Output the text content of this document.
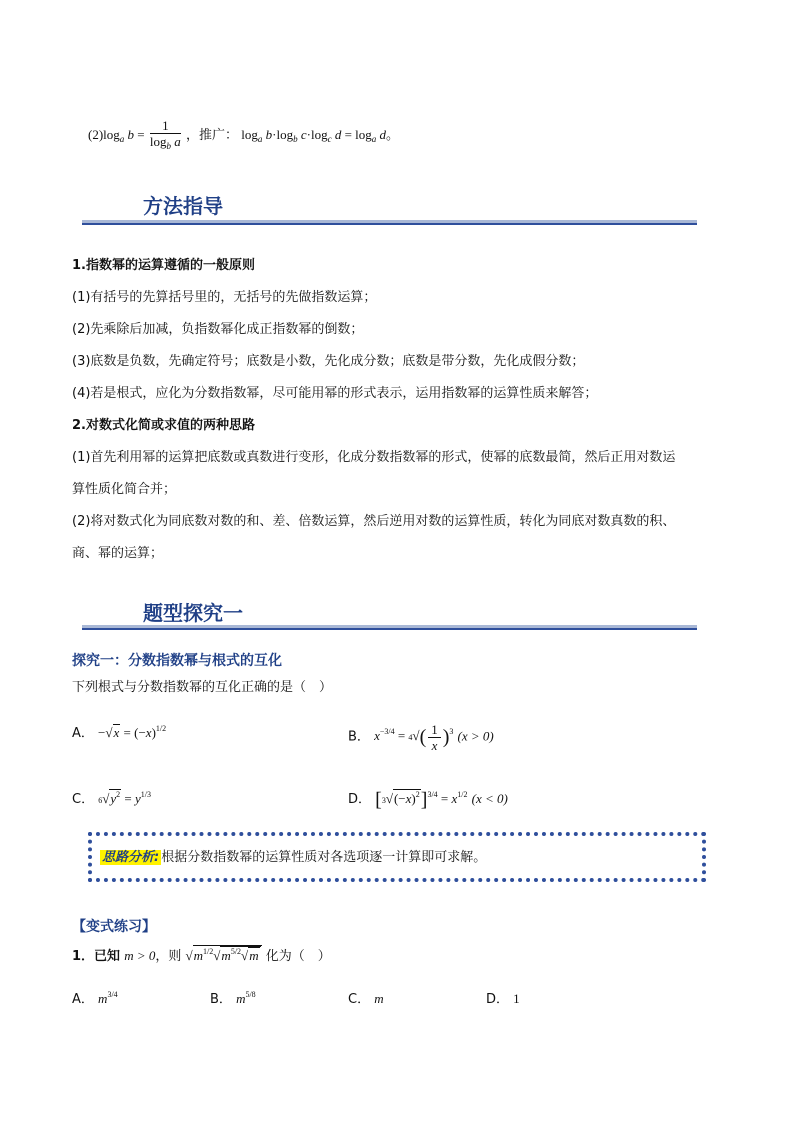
$(2)\log_a$ $b = \frac{1}{\log_b a}$ ，推广： $\log_a b\cdot\log_b$ $c\cdot\log_c$ $d = \log_a d$。
方法指导
1.指数幂的运算遵循的一般原则
(1)有括号的先算括号里的，无括号的先做指数运算；
(2)先乘除后加减，负指数幂化成正指数幂的倒数；
(3)底数是负数，先确定符号；底数是小数，先化成分数；底数是带分数，先化成假分数；
(4)若是根式，应化为分数指数幂，尽可能用幂的形式表示，运用指数幂的运算性质来解答；
2.对数式化简或求值的两种思路
(1)首先利用幂的运算把底数或真数进行变形，化成分数指数幂的形式，使幂的底数最简，然后正用对数运
算性质化简合并；
(2)将对数式化为同底数对数的和、差、倍数运算，然后逆用对数的运算性质，转化为同底对数真数的积、
商、幂的运算；
题型探究一
探究一：分数指数幂与根式的互化
下列根式与分数指数幂的互化正确的是（　）
A． $-√x = (-x)^{1/2}$
B． $x^{-3/4} = 4√( \frac{1}{x} )^3$ (x > 0)
C． $6√y^2 = y^{1/3}$	D． $[3√(-x)^2]^{3/4} = x^{1/2}$ (x < 0)
思路分析: 根据分数指数幂的运算性质对各选项逐一计算即可求解。
【变式练习】
1．已知 m > 0，则 $√m^{1/2}√m^{5/2}√m$ 化为（　）
A． $m^{3/4}$	B． $m^{5/8}$	C． m	D． 1
